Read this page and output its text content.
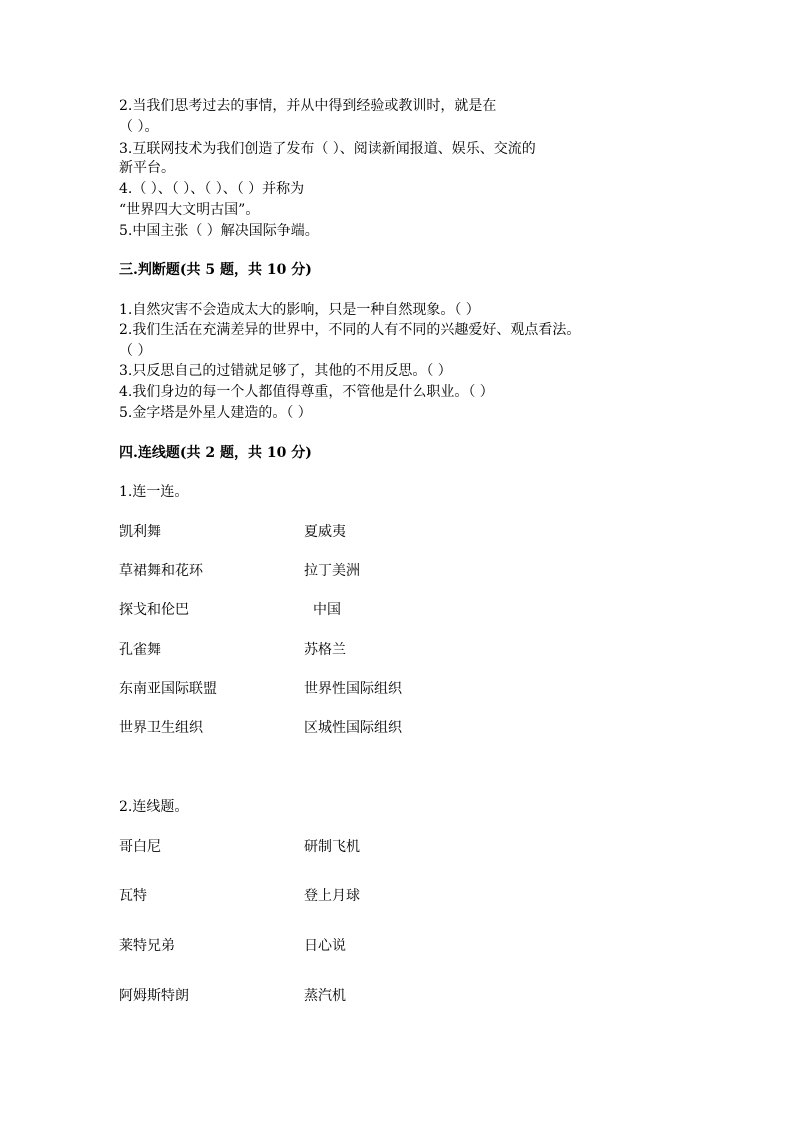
2.当我们思考过去的事情，并从中得到经验或教训时，就是在
（ ）。
3.互联网技术为我们创造了发布（ ）、阅读新闻报道、娱乐、交流的
新平台。
4.（ ）、（ ）、（ ）、（ ）并称为
“世界四大文明古国”。
5.中国主张（ ）解决国际争端。
三.判断题(共 5 题，共 10 分)
1.自然灾害不会造成太大的影响，只是一种自然现象。（ ）
2.我们生活在充满差异的世界中，不同的人有不同的兴趣爱好、观点看法。
（ ）
3.只反思自己的过错就足够了，其他的不用反思。（ ）
4.我们身边的每一个人都值得尊重，不管他是什么职业。（ ）
5.金字塔是外星人建造的。（ ）
四.连线题(共 2 题，共 10 分)
1.连一连。
凯利舞	夏威夷
草裙舞和花环	拉丁美洲
探戈和伦巴	中国
孔雀舞	苏格兰
东南亚国际联盟	世界性国际组织
世界卫生组织	区城性国际组织
2.连线题。
哥白尼	研制飞机
瓦特	登上月球
莱特兄弟	日心说
阿姆斯特朗	蒸汽机
